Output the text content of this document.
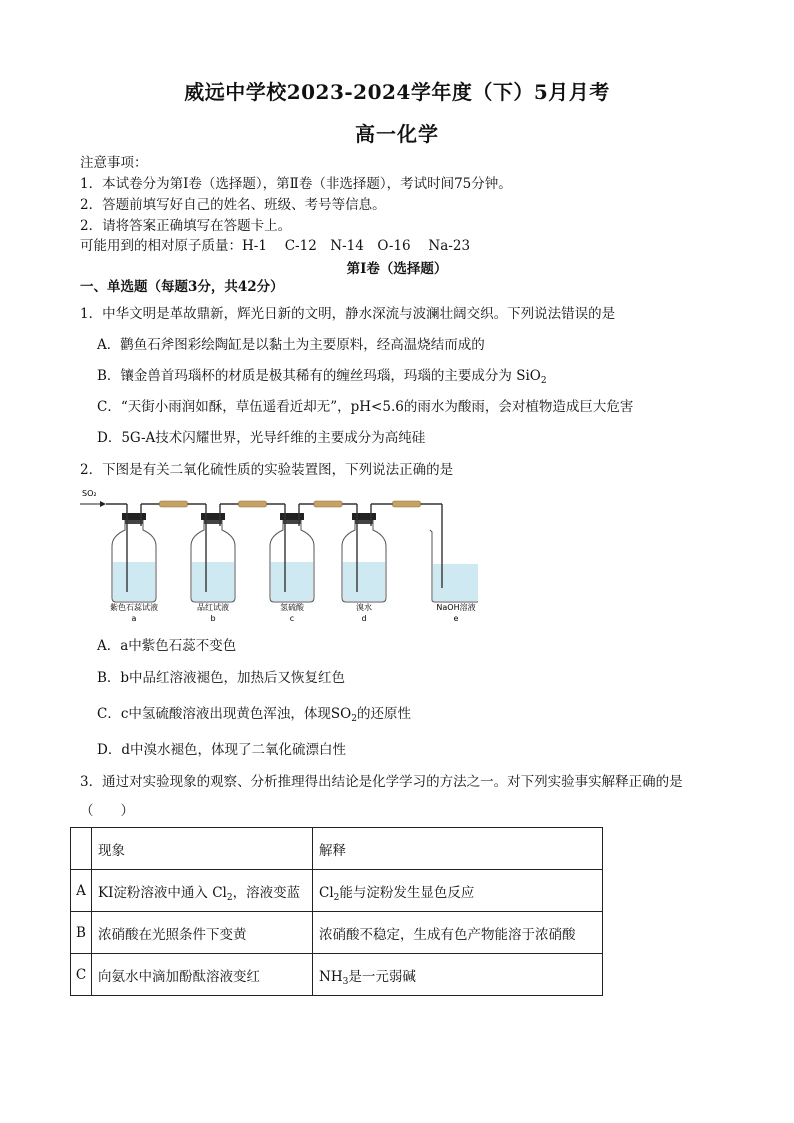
威远中学校2023-2024学年度（下）5月月考
高一化学
注意事项：
1．本试卷分为第Ⅰ卷（选择题），第Ⅱ卷（非选择题），考试时间75分钟。
2．答题前填写好自己的姓名、班级、考号等信息。
2．请将答案正确填写在答题卡上。
可能用到的相对原子质量：H-1　 C-12　N-14　O-16　 Na-23
第Ⅰ卷（选择题）
一、单选题（每题3分，共42分）
1．中华文明是革故鼎新，辉光日新的文明，静水深流与波澜壮阔交织。下列说法错误的是
A．鹳鱼石斧图彩绘陶缸是以黏土为主要原料，经高温烧结而成的
B．镶金兽首玛瑙杯的材质是极其稀有的缠丝玛瑙，玛瑙的主要成分为 SiO$_2$
C．“天街小雨润如酥，草伍遥看近却无”，pH<5.6的雨水为酸雨，会对植物造成巨大危害
D．5G-A技术闪耀世界，光导纤维的主要成分为高纯硅
2．下图是有关二氧化硫性质的实验装置图，下列说法正确的是
SO₂
紫色石蕊试液
a
品红试液
b
氢硫酸
c
溴水
d
NaOH溶液
e
A．a中紫色石蕊不变色
B．b中品红溶液褪色，加热后又恢复红色
C．c中氢硫酸溶液出现黄色浑浊，体现$SO_2$的还原性
D．d中溴水褪色，体现了二氧化硫漂白性
3．通过对实验现象的观察、分析推理得出结论是化学学习的方法之一。对下列实验事实解释正确的是
（　　）
	现象	解释
A	KI淀粉溶液中通入 $Cl_2$，溶液变蓝	$Cl_2$能与淀粉发生显色反应
B	浓硝酸在光照条件下变黄	浓硝酸不稳定，生成有色产物能溶于浓硝酸
C	向氨水中滴加酚酞溶液变红	$NH_3$是一元弱碱
